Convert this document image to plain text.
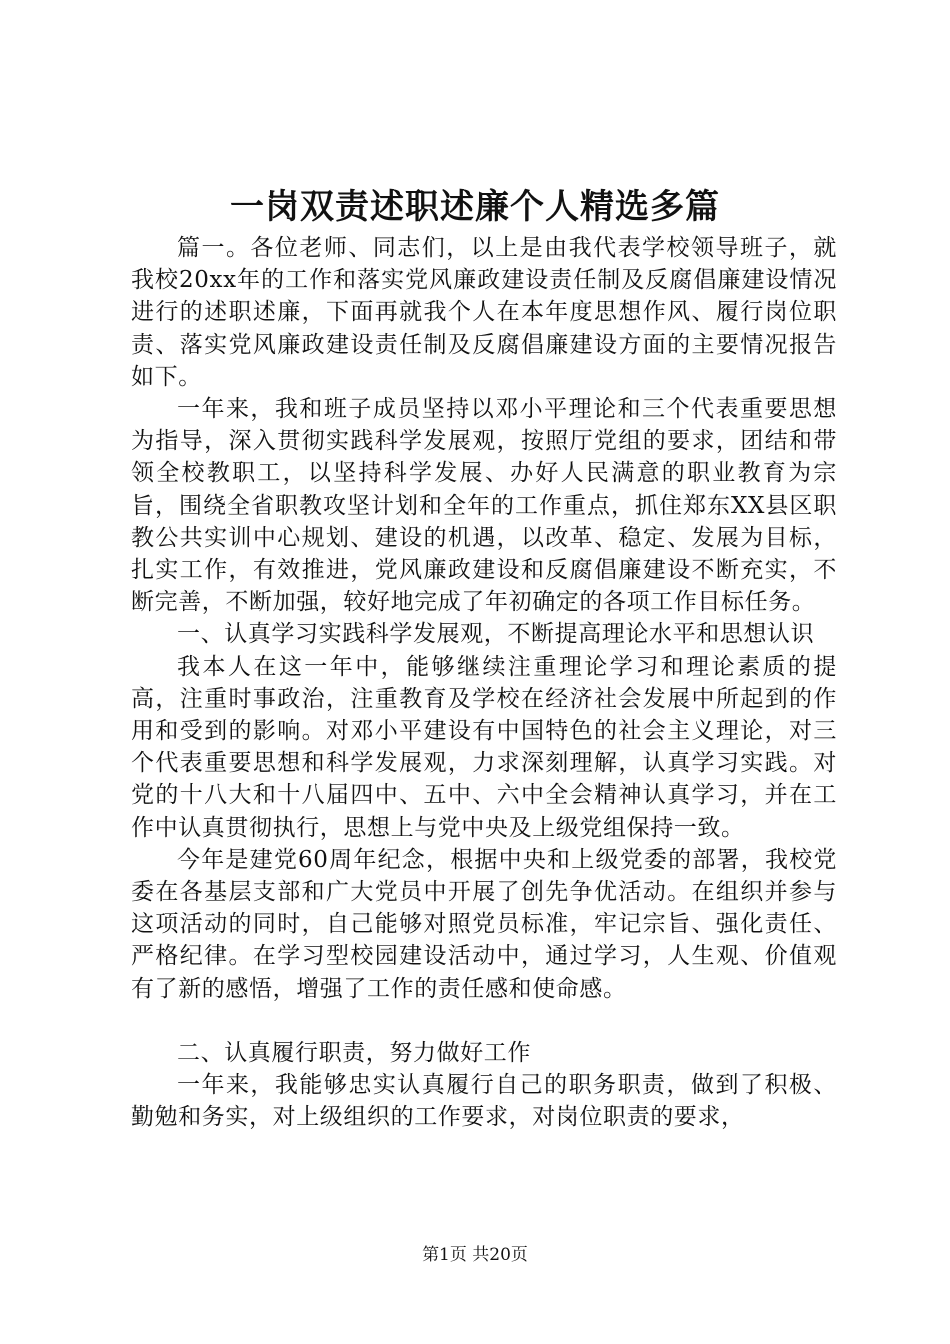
一岗双责述职述廉个人精选多篇

篇一。各位老师、同志们，以上是由我代表学校领导班子，就我校20xx年的工作和落实党风廉政建设责任制及反腐倡廉建设情况进行的述职述廉，下面再就我个人在本年度思想作风、履行岗位职责、落实党风廉政建设责任制及反腐倡廉建设方面的主要情况报告如下。

一年来，我和班子成员坚持以邓小平理论和三个代表重要思想为指导，深入贯彻实践科学发展观，按照厅党组的要求，团结和带领全校教职工，以坚持科学发展、办好人民满意的职业教育为宗旨，围绕全省职教攻坚计划和全年的工作重点，抓住郑东XX县区职教公共实训中心规划、建设的机遇，以改革、稳定、发展为目标，扎实工作，有效推进，党风廉政建设和反腐倡廉建设不断充实，不断完善，不断加强，较好地完成了年初确定的各项工作目标任务。

一、认真学习实践科学发展观，不断提高理论水平和思想认识

我本人在这一年中，能够继续注重理论学习和理论素质的提高，注重时事政治，注重教育及学校在经济社会发展中所起到的作用和受到的影响。对邓小平建设有中国特色的社会主义理论，对三个代表重要思想和科学发展观，力求深刻理解，认真学习实践。对党的十八大和十八届四中、五中、六中全会精神认真学习，并在工作中认真贯彻执行，思想上与党中央及上级党组保持一致。

今年是建党60周年纪念，根据中央和上级党委的部署，我校党委在各基层支部和广大党员中开展了创先争优活动。在组织并参与这项活动的同时，自己能够对照党员标准，牢记宗旨、强化责任、严格纪律。在学习型校园建设活动中，通过学习，人生观、价值观有了新的感悟，增强了工作的责任感和使命感。

二、认真履行职责，努力做好工作

一年来，我能够忠实认真履行自己的职务职责，做到了积极、勤勉和务实，对上级组织的工作要求，对岗位职责的要求，

第1页 共20页
